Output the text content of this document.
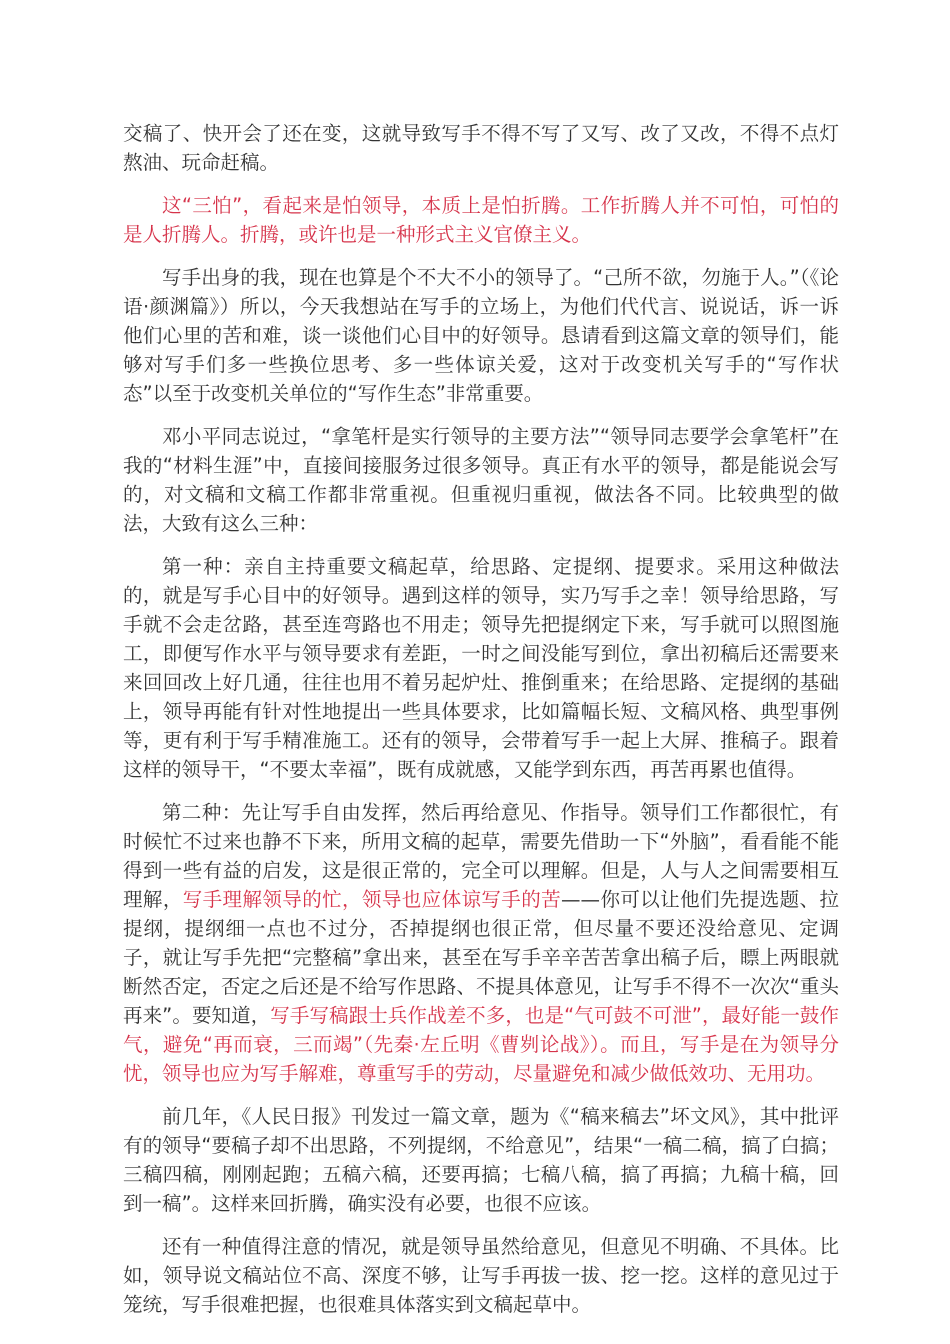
交稿了、快开会了还在变，这就导致写手不得不写了又写、改了又改，不得不点灯熬油、玩命赶稿。

这“三怕”，看起来是怕领导，本质上是怕折腾。工作折腾人并不可怕，可怕的是人折腾人。折腾，或许也是一种形式主义官僚主义。

写手出身的我，现在也算是个不大不小的领导了。“己所不欲，勿施于人。”（《论语·颜渊篇》）所以，今天我想站在写手的立场上，为他们代代言、说说话，诉一诉他们心里的苦和难，谈一谈他们心目中的好领导。恳请看到这篇文章的领导们，能够对写手们多一些换位思考、多一些体谅关爱，这对于改变机关写手的“写作状态”以至于改变机关单位的“写作生态”非常重要。

邓小平同志说过，“拿笔杆是实行领导的主要方法”“领导同志要学会拿笔杆”在我的“材料生涯”中，直接间接服务过很多领导。真正有水平的领导，都是能说会写的，对文稿和文稿工作都非常重视。但重视归重视，做法各不同。比较典型的做法，大致有这么三种：

第一种：亲自主持重要文稿起草，给思路、定提纲、提要求。采用这种做法的，就是写手心目中的好领导。遇到这样的领导，实乃写手之幸！领导给思路，写手就不会走岔路，甚至连弯路也不用走；领导先把提纲定下来，写手就可以照图施工，即便写作水平与领导要求有差距，一时之间没能写到位，拿出初稿后还需要来来回回改上好几通，往往也用不着另起炉灶、推倒重来；在给思路、定提纲的基础上，领导再能有针对性地提出一些具体要求，比如篇幅长短、文稿风格、典型事例等，更有利于写手精准施工。还有的领导，会带着写手一起上大屏、推稿子。跟着这样的领导干，“不要太幸福”，既有成就感，又能学到东西，再苦再累也值得。

第二种：先让写手自由发挥，然后再给意见、作指导。领导们工作都很忙，有时候忙不过来也静不下来，所用文稿的起草，需要先借助一下“外脑”，看看能不能得到一些有益的启发，这是很正常的，完全可以理解。但是，人与人之间需要相互理解，写手理解领导的忙，领导也应体谅写手的苦——你可以让他们先提选题、拉提纲，提纲细一点也不过分，否掉提纲也很正常，但尽量不要还没给意见、定调子，就让写手先把“完整稿”拿出来，甚至在写手辛辛苦苦拿出稿子后，瞟上两眼就断然否定，否定之后还是不给写作思路、不提具体意见，让写手不得不一次次“重头再来”。要知道，写手写稿跟士兵作战差不多，也是“气可鼓不可泄”，最好能一鼓作气，避免“再而衰，三而竭”（先秦·左丘明《曹刿论战》）。而且，写手是在为领导分忧，领导也应为写手解难，尊重写手的劳动，尽量避免和减少做低效功、无用功。

前几年，《人民日报》刊发过一篇文章，题为《“稿来稿去”坏文风》，其中批评有的领导“要稿子却不出思路，不列提纲，不给意见”，结果“一稿二稿，搞了白搞；三稿四稿，刚刚起跑；五稿六稿，还要再搞；七稿八稿，搞了再搞；九稿十稿，回到一稿”。这样来回折腾，确实没有必要，也很不应该。

还有一种值得注意的情况，就是领导虽然给意见，但意见不明确、不具体。比如，领导说文稿站位不高、深度不够，让写手再拔一拔、挖一挖。这样的意见过于笼统，写手很难把握，也很难具体落实到文稿起草中。
